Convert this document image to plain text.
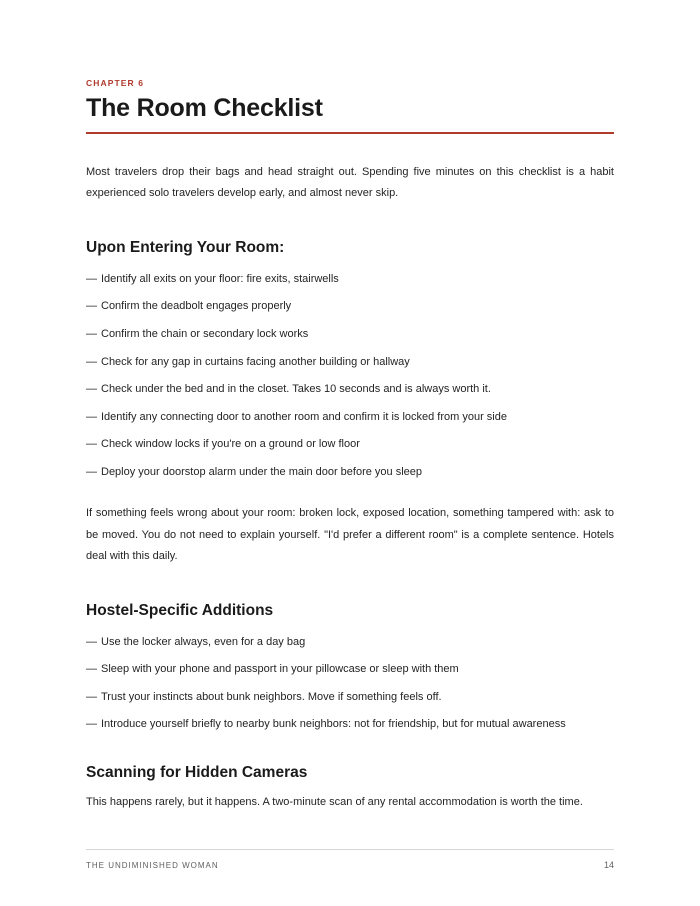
CHAPTER 6
The Room Checklist

Most travelers drop their bags and head straight out. Spending five minutes on this checklist is a habit experienced solo travelers develop early, and almost never skip.

Upon Entering Your Room:
— Identify all exits on your floor: fire exits, stairwells
— Confirm the deadbolt engages properly
— Confirm the chain or secondary lock works
— Check for any gap in curtains facing another building or hallway
— Check under the bed and in the closet. Takes 10 seconds and is always worth it.
— Identify any connecting door to another room and confirm it is locked from your side
— Check window locks if you're on a ground or low floor
— Deploy your doorstop alarm under the main door before you sleep

If something feels wrong about your room: broken lock, exposed location, something tampered with: ask to be moved. You do not need to explain yourself. "I'd prefer a different room" is a complete sentence. Hotels deal with this daily.

Hostel-Specific Additions
— Use the locker always, even for a day bag
— Sleep with your phone and passport in your pillowcase or sleep with them
— Trust your instincts about bunk neighbors. Move if something feels off.
— Introduce yourself briefly to nearby bunk neighbors: not for friendship, but for mutual awareness
Scanning for Hidden Cameras

This happens rarely, but it happens. A two-minute scan of any rental accommodation is worth the time.

THE UNDIMINISHED WOMAN	14
